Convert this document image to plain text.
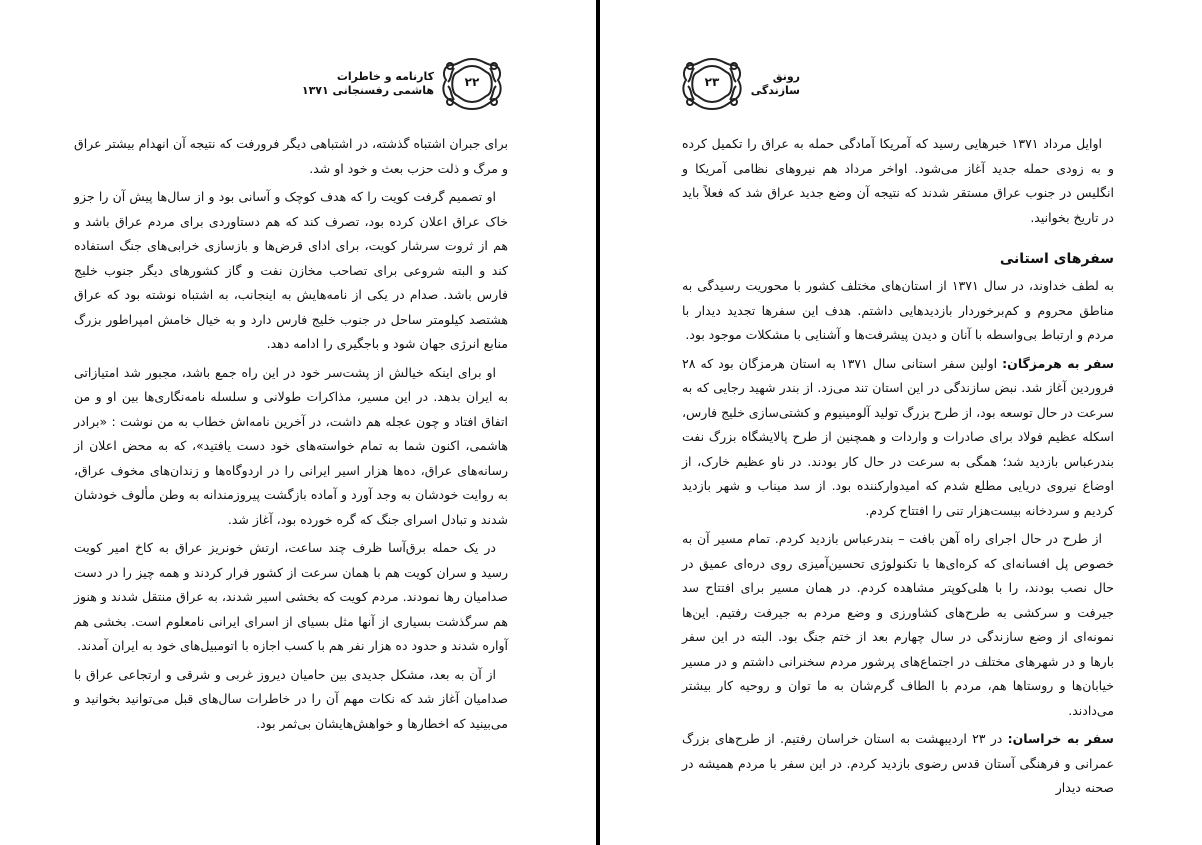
۲۲
کارنامه و خاطرات
هاشمی رفسنجانی ۱۳۷۱

برای جبران اشتباه گذشته، در اشتباهی دیگر فرورفت که نتیجه آن انهدام بیشتر عراق و مرگ و ذلت حزب بعث و خود او شد.

او تصمیم گرفت کویت را که هدف کوچک و آسانی بود و از سال‌ها پیش آن را جزو خاک عراق اعلان کرده بود، تصرف کند که هم دستاوردی برای مردم عراق باشد و هم از ثروت سرشار کویت، برای ادای قرض‌ها و بازسازی خرابی‌های جنگ استفاده کند و البته شروعی برای تصاحب مخازن نفت و گاز کشورهای دیگر جنوب خلیج فارس باشد. صدام در یکی از نامه‌هایش به اینجانب، به اشتباه نوشته بود که عراق هشتصد کیلومتر ساحل در جنوب خلیج فارس دارد و به خیال خامش امپراطور بزرگ منابع انرژی جهان شود و باجگیری را ادامه دهد.

او برای اینکه خیالش از پشت‌سر خود در این راه جمع باشد، مجبور شد امتیازاتی به ایران بدهد. در این مسیر، مذاکرات طولانی و سلسله نامه‌نگاری‌ها بین او و من اتفاق افتاد و چون عجله هم داشت، در آخرین نامه‌اش خطاب به من نوشت : «برادر هاشمی، اکنون شما به تمام خواسته‌های خود دست یافتید»، که به محض اعلان از رسانه‌های عراق، ده‌ها هزار اسیر ایرانی را در اردوگاه‌ها و زندان‌های مخوف عراق، به روایت خودشان به وجد آورد و آماده بازگشت پیروزمندانه به وطن مألوف خودشان شدند و تبادل اسرای جنگ که گره خورده بود، آغاز شد.

در یک حمله برق‌آسا ظرف چند ساعت، ارتش خونریز عراق به کاخ امیر کویت رسید و سران کویت هم با همان سرعت از کشور فرار کردند و همه چیز را در دست صدامیان رها نمودند. مردم کویت که بخشی اسیر شدند، به عراق منتقل شدند و هنوز هم سرگذشت بسیاری از آنها مثل بسیای از اسرای ایرانی نامعلوم است. بخشی هم آواره شدند و حدود ده هزار نفر هم با کسب اجازه با اتومبیل‌های خود به ایران آمدند.

از آن به بعد، مشکل جدیدی بین حامیان دیروز غربی و شرقی و ارتجاعی عراق با صدامیان آغاز شد که نکات مهم آن را در خاطرات سال‌های قبل می‌توانید بخوانید و می‌بینید که اخطارها و خواهش‌هایشان بی‌ثمر بود.

۲۳	رونق
سازندگی

اوایل مرداد ۱۳۷۱ خبرهایی رسید که آمریکا آمادگی حمله به عراق را تکمیل کرده و به زودی حمله جدید آغاز می‌شود. اواخر مرداد هم نیروهای نظامی آمریکا و انگلیس در جنوب عراق مستقر شدند که نتیجه آن وضع جدید عراق شد که فعلاً باید در تاریخ بخوانید.

سفرهای استانی

به لطف خداوند، در سال ۱۳۷۱ از استان‌های مختلف کشور با محوریت رسیدگی به مناطق محروم و کم‌برخوردار بازدیدهایی داشتم. هدف این سفرها تجدید دیدار با مردم و ارتباط بی‌واسطه با آنان و دیدن پیشرفت‌ها و آشنایی با مشکلات موجود بود.

سفر به هرمزگان: اولین سفر استانی سال ۱۳۷۱ به استان هرمزگان بود که ۲۸ فروردین آغاز شد. نبض سازندگی در این استان تند می‌زد. از بندر شهید رجایی که به سرعت در حال توسعه بود، از طرح بزرگ تولید آلومینیوم و کشتی‌سازی خلیج فارس، اسکله عظیم فولاد برای صادرات و واردات و همچنین از طرح پالایشگاه بزرگ نفت بندرعباس بازدید شد؛ همگی به سرعت در حال کار بودند. در ناو عظیم خارک، از اوضاع نیروی دریایی مطلع شدم که امیدوارکننده بود. از سد میناب و شهر بازدید کردیم و سردخانه بیست‌هزار تنی را افتتاح کردم.

از طرح در حال اجرای راه آهن بافت – بندرعباس بازدید کردم. تمام مسیر آن به خصوص پل افسانه‌ای که کره‌ای‌ها با تکنولوژی تحسین‌آمیزی روی دره‌ای عمیق در حال نصب بودند، را با هلی‌کوپتر مشاهده کردم. در همان مسیر برای افتتاح سد جیرفت و سرکشی به طرح‌های کشاورزی و وضع مردم به جیرفت رفتیم. این‌ها نمونه‌ای از وضع سازندگی در سال چهارم بعد از ختم جنگ بود. البته در این سفر بارها و در شهرهای مختلف در اجتماع‌های پرشور مردم سخنرانی داشتم و در مسیر خیابان‌ها و روستاها هم، مردم با الطاف گرم‌شان به ما توان و روحیه کار بیشتر می‌دادند.

سفر به خراسان: در ۲۳ اردیبهشت به استان خراسان رفتیم. از طرح‌های بزرگ عمرانی و فرهنگی آستان قدس رضوی بازدید کردم. در این سفر با مردم همیشه در صحنه دیدار
